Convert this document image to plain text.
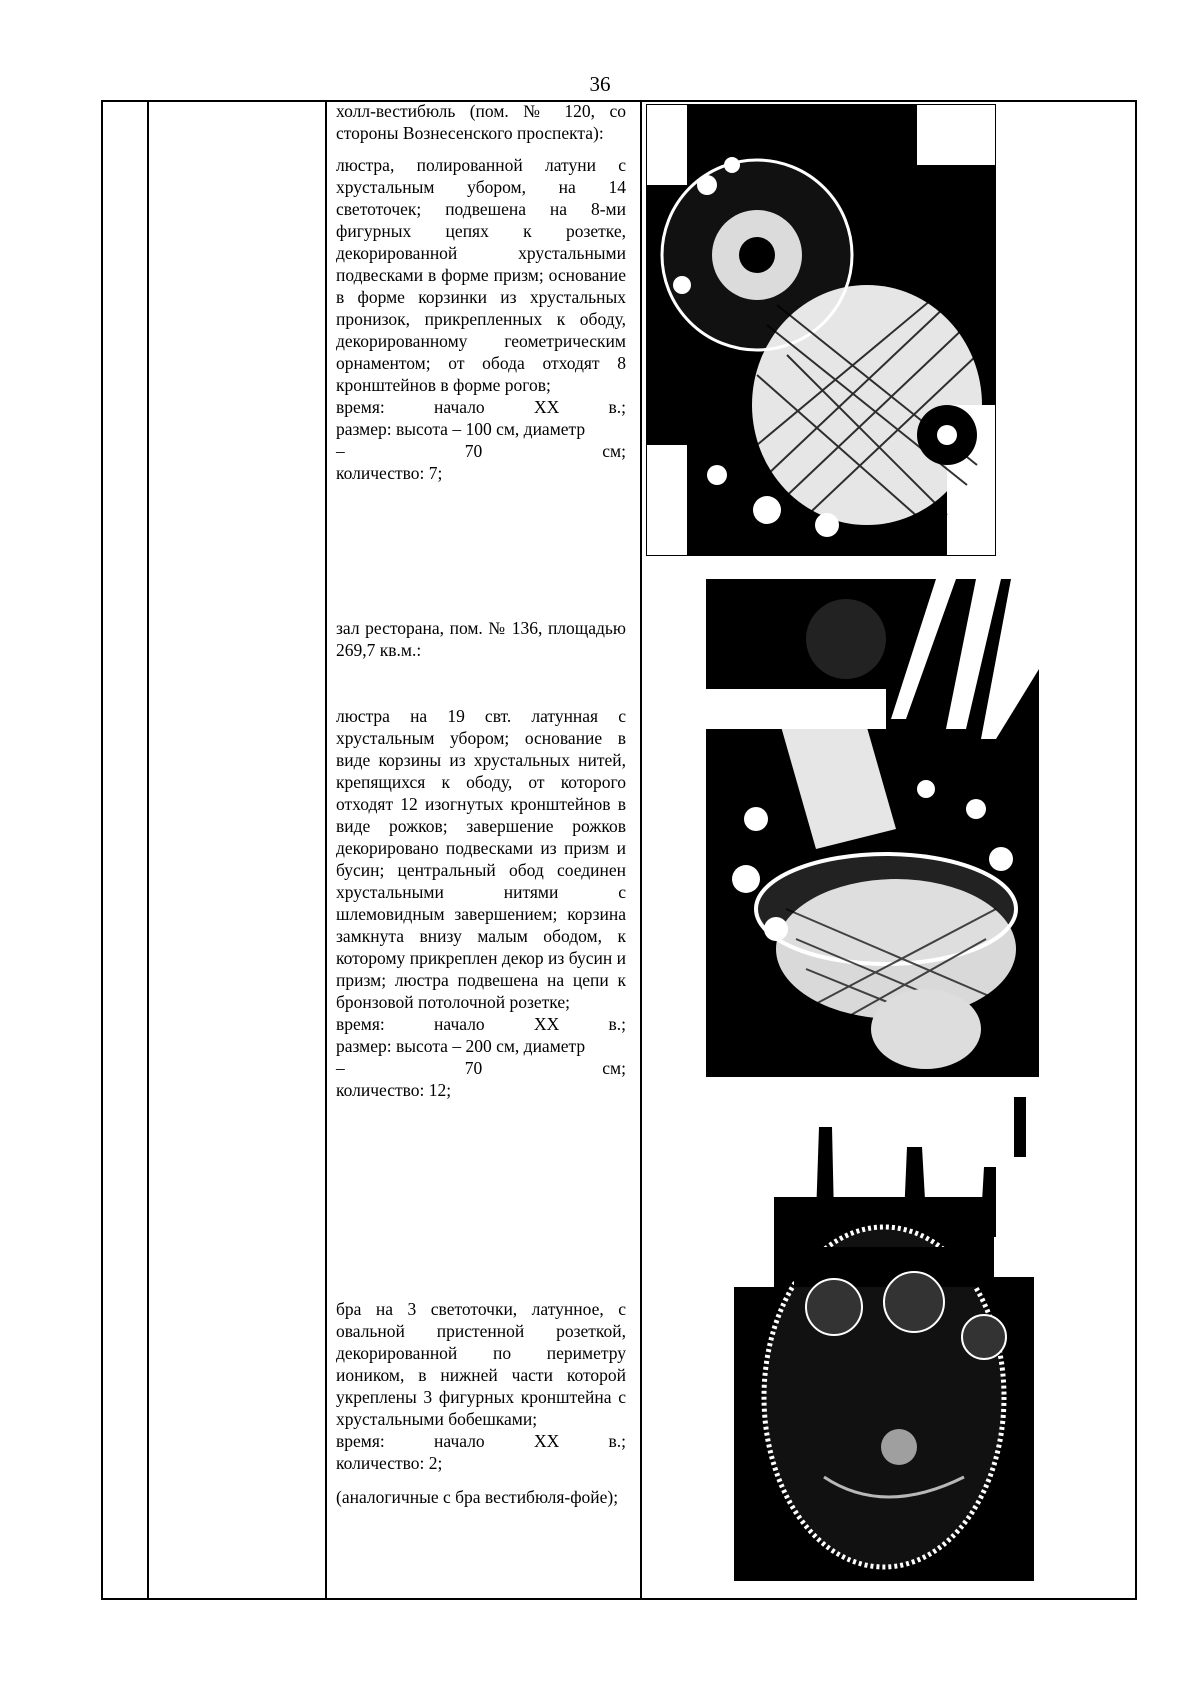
36

холл-вестибюль (пом. № 120, со стороны Вознесенского проспекта):

люстра, полированной латуни с хрустальным убором, на 14 светоточек; подвешена на 8-ми фигурных цепях к розетке, декорированной хрустальными подвесками в форме призм; основание в форме корзинки из хрустальных пронизок, прикрепленных к ободу, декорированному геометрическим орнаментом; от обода отходят 8 кронштейнов в форме рогов;

время:	начало	XX	в.;

размер: высота – 100 см, диаметр

–	70	см;

количество: 7;

зал ресторана, пом. № 136, площадью 269,7 кв.м.:

люстра на 19 свт. латунная с хрустальным убором; основание в виде корзины из хрустальных нитей, крепящихся к ободу, от которого отходят 12 изогнутых кронштейнов в виде рожков; завершение рожков декорировано подвесками из призм и бусин; центральный обод соединен хрустальными нитями с шлемовидным завершением; корзина замкнута внизу малым ободом, к которому прикреплен декор из бусин и призм; люстра подвешена на цепи к бронзовой потолочной розетке;

время:	начало	XX	в.;

размер: высота – 200 см, диаметр

–	70	см;

количество: 12;

бра на 3 светоточки, латунное, с овальной пристенной розеткой, декорированной по периметру иоником, в нижней части которой укреплены 3 фигурных кронштейна с хрустальными бобешками;

время:	начало	XX	в.;

количество: 2;

(аналогичные с бра вестибюля-фойе);
